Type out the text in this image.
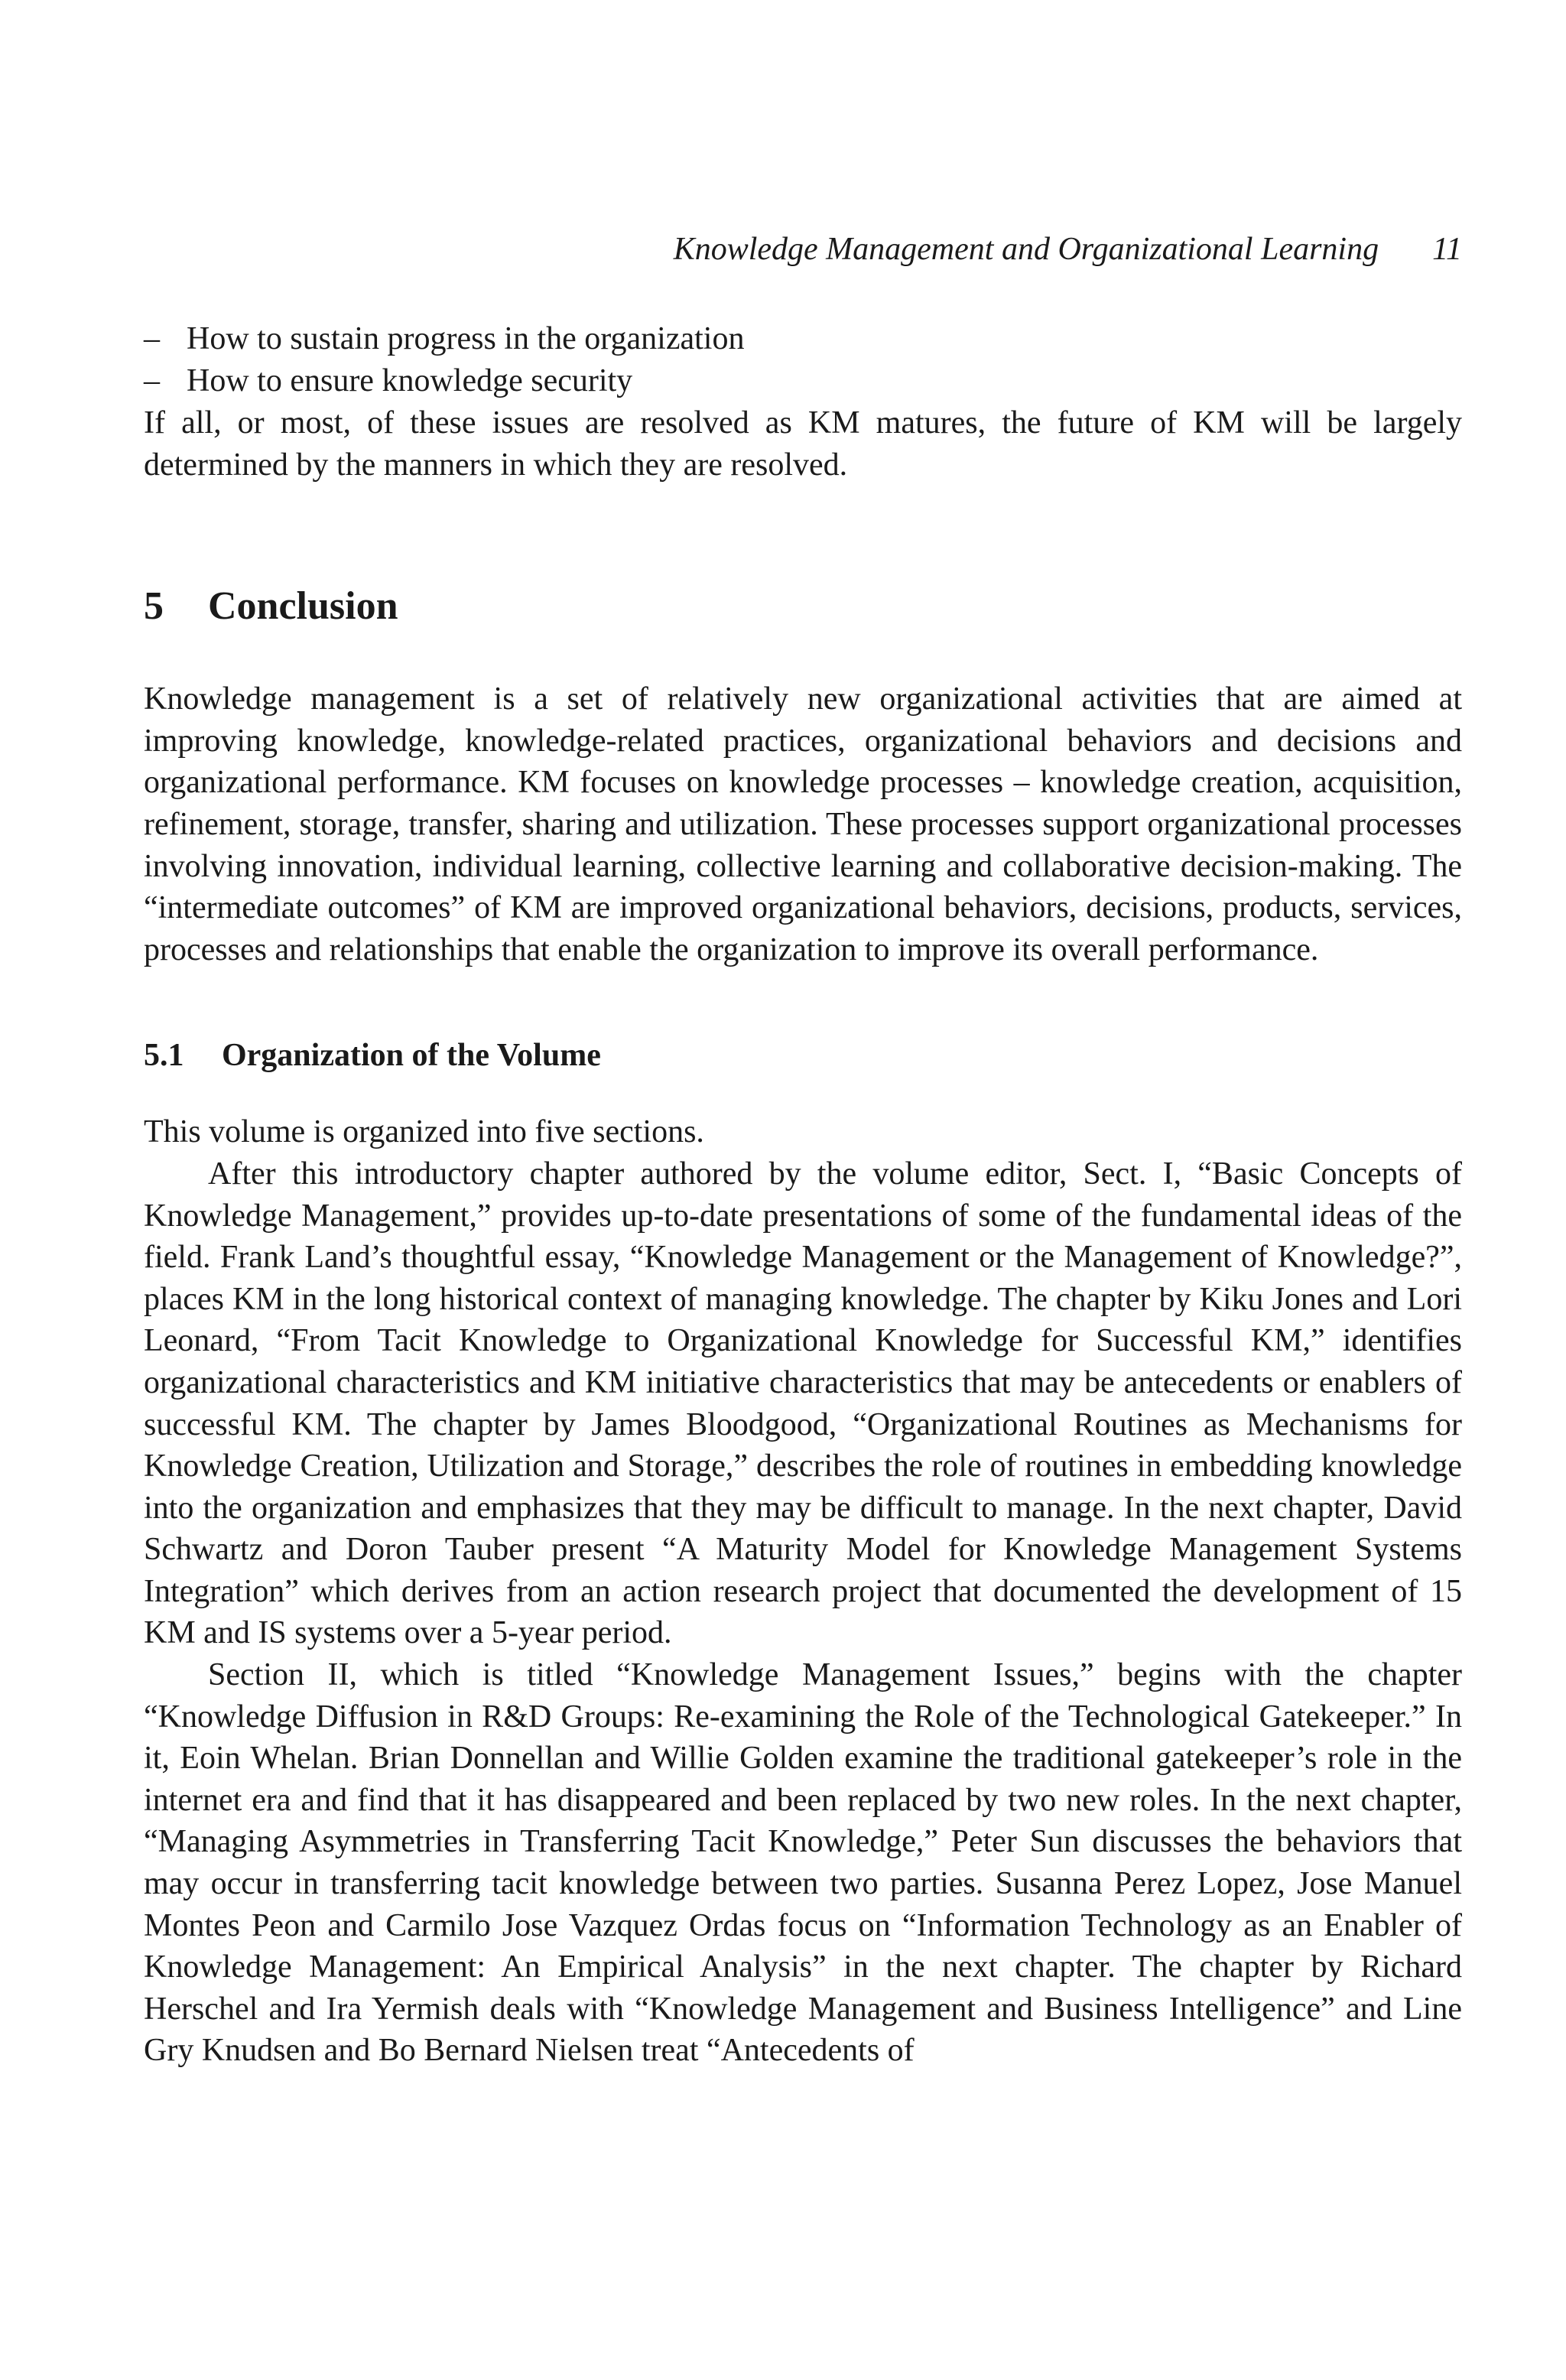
Knowledge Management and Organizational Learning 11
– How to sustain progress in the organization
– How to ensure knowledge security

If all, or most, of these issues are resolved as KM matures, the future of KM will be largely determined by the manners in which they are resolved.

5	Conclusion

Knowledge management is a set of relatively new organizational activities that are aimed at improving knowledge, knowledge-related practices, organizational behaviors and decisions and organizational performance. KM focuses on knowledge processes – knowledge creation, acquisition, refinement, storage, transfer, sharing and utilization. These processes support organizational processes involving innovation, individual learning, collective learning and collaborative decision-making. The “intermediate outcomes” of KM are improved organizational behaviors, decisions, products, services, processes and relationships that enable the organization to improve its overall performance.

5.1	Organization of the Volume

This volume is organized into five sections.

After this introductory chapter authored by the volume editor, Sect. I, “Basic Concepts of Knowledge Management,” provides up-to-date presentations of some of the fundamental ideas of the field. Frank Land’s thoughtful essay, “Knowledge Management or the Management of Knowledge?”, places KM in the long historical context of managing knowledge. The chapter by Kiku Jones and Lori Leonard, “From Tacit Knowledge to Organizational Knowledge for Successful KM,” identifies organizational characteristics and KM initiative characteristics that may be antecedents or enablers of successful KM. The chapter by James Bloodgood, “Organizational Routines as Mechanisms for Knowledge Creation, Utilization and Storage,” describes the role of routines in embedding knowledge into the organization and emphasizes that they may be difficult to manage. In the next chapter, David Schwartz and Doron Tauber present “A Maturity Model for Knowledge Management Systems Integration” which derives from an action research project that documented the development of 15 KM and IS systems over a 5-year period.

Section II, which is titled “Knowledge Management Issues,” begins with the chapter “Knowledge Diffusion in R&D Groups: Re-examining the Role of the Technological Gatekeeper.” In it, Eoin Whelan. Brian Donnellan and Willie Golden examine the traditional gatekeeper’s role in the internet era and find that it has disappeared and been replaced by two new roles. In the next chapter, “Managing Asymmetries in Transferring Tacit Knowledge,” Peter Sun discusses the behaviors that may occur in transferring tacit knowledge between two parties. Susanna Perez Lopez, Jose Manuel Montes Peon and Carmilo Jose Vazquez Ordas focus on “Information Technology as an Enabler of Knowledge Management: An Empirical Analysis” in the next chapter. The chapter by Richard Herschel and Ira Yermish deals with “Knowledge Management and Business Intelligence” and Line Gry Knudsen and Bo Bernard Nielsen treat “Antecedents of
